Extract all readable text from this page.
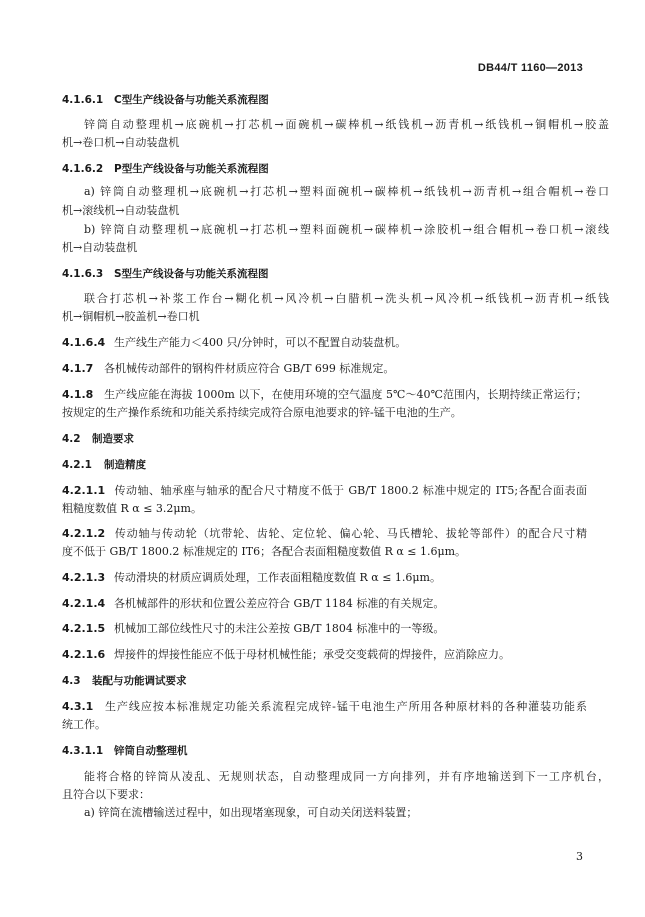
DB44/T 1160—2013
4.1.6.1 C型生产线设备与功能关系流程图
锌筒自动整理机→底碗机→打芯机→面碗机→碳棒机→纸钱机→沥青机→纸钱机→铜帽机→胶盖
机→卷口机→自动装盘机
4.1.6.2 P型生产线设备与功能关系流程图
a) 锌筒自动整理机→底碗机→打芯机→塑料面碗机→碳棒机→纸钱机→沥青机→组合帽机→卷口
机→滚线机→自动装盘机
b) 锌筒自动整理机→底碗机→打芯机→塑料面碗机→碳棒机→涂胶机→组合帽机→卷口机→滚线
机→自动装盘机
4.1.6.3 S型生产线设备与功能关系流程图
联合打芯机→补浆工作台→糊化机→风冷机→白腊机→洗头机→风冷机→纸钱机→沥青机→纸钱
机→铜帽机→胶盖机→卷口机
4.1.6.4 生产线生产能力＜400 只/分钟时，可以不配置自动装盘机。
4.1.7 各机械传动部件的钢构件材质应符合 GB/T 699 标准规定。
4.1.8 生产线应能在海拔 1000m 以下，在使用环境的空气温度 5℃～40℃范围内，长期持续正常运行；
按规定的生产操作系统和功能关系持续完成符合原电池要求的锌-锰干电池的生产。
4.2 制造要求
4.2.1 制造精度
4.2.1.1 传动轴、轴承座与轴承的配合尺寸精度不低于 GB/T 1800.2 标准中规定的 IT5;各配合面表面
粗糙度数值 R α ≤ 3.2μm。
4.2.1.2 传动轴与传动轮（坑带轮、齿轮、定位轮、偏心轮、马氏槽轮、拔轮等部件）的配合尺寸精
度不低于 GB/T 1800.2 标准规定的 IT6；各配合表面粗糙度数值 R α ≤ 1.6μm。
4.2.1.3 传动滑块的材质应调质处理，工作表面粗糙度数值 R α ≤ 1.6μm。
4.2.1.4 各机械部件的形状和位置公差应符合 GB/T 1184 标准的有关规定。
4.2.1.5 机械加工部位线性尺寸的未注公差按 GB/T 1804 标准中的一等级。
4.2.1.6 焊接件的焊接性能应不低于母材机械性能；承受交变载荷的焊接件，应消除应力。
4.3 装配与功能调试要求
4.3.1 生产线应按本标准规定功能关系流程完成锌-锰干电池生产所用各种原材料的各种灌装功能系
统工作。
4.3.1.1 锌筒自动整理机
能将合格的锌筒从凌乱、无规则状态，自动整理成同一方向排列，并有序地输送到下一工序机台，
且符合以下要求：
a) 锌筒在流槽输送过程中，如出现堵塞现象，可自动关闭送料装置；
3
